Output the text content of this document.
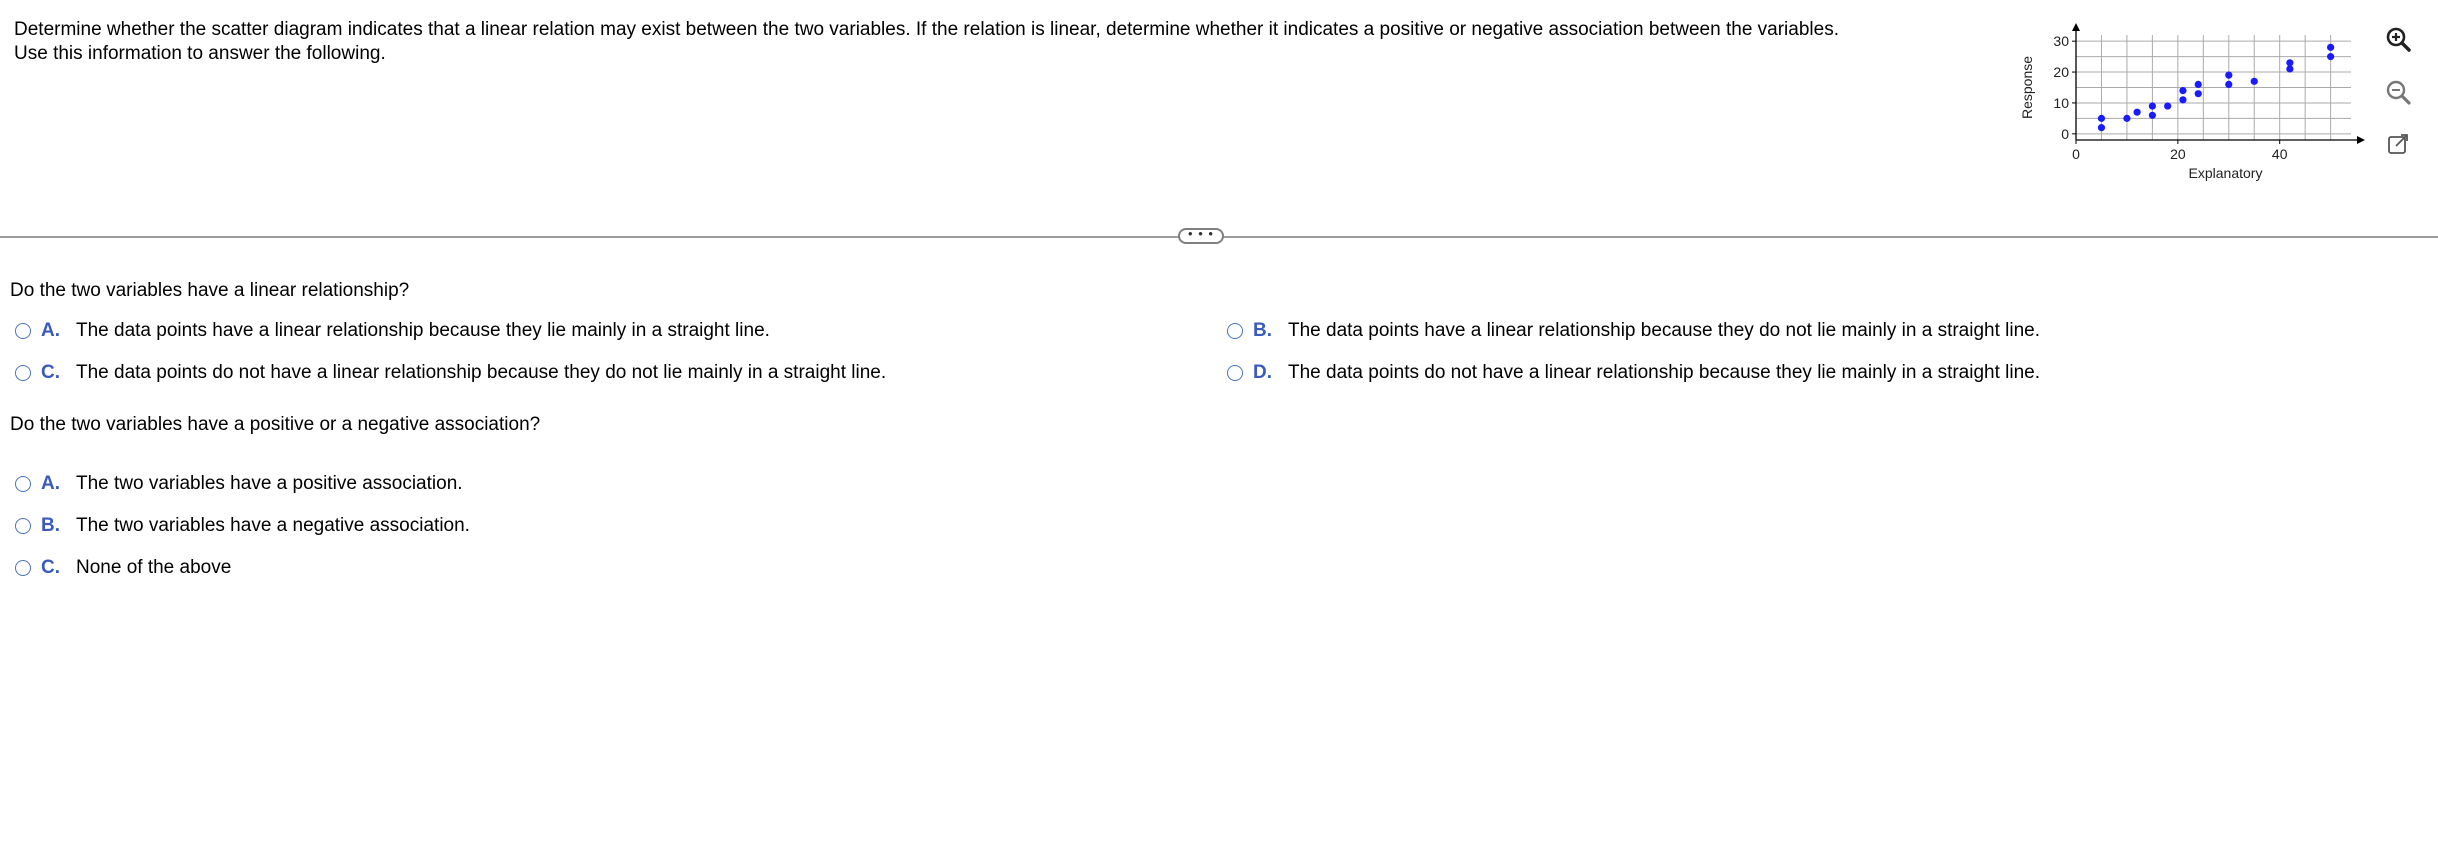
Determine whether the scatter diagram indicates that a linear relation may exist between the two variables. If the relation is linear, determine whether it indicates a positive or negative association between the variables.
Use this information to answer the following.
0
10
20
30
0	20	40
Explanatory
Response
• • •
Do the two variables have a linear relationship?
A. The data points have a linear relationship because they lie mainly in a straight line.	B. The data points have a linear relationship because they do not lie mainly in a straight line.
C. The data points do not have a linear relationship because they do not lie mainly in a straight line.	D. The data points do not have a linear relationship because they lie mainly in a straight line.
Do the two variables have a positive or a negative association?
A. The two variables have a positive association.
B. The two variables have a negative association.
C. None of the above
